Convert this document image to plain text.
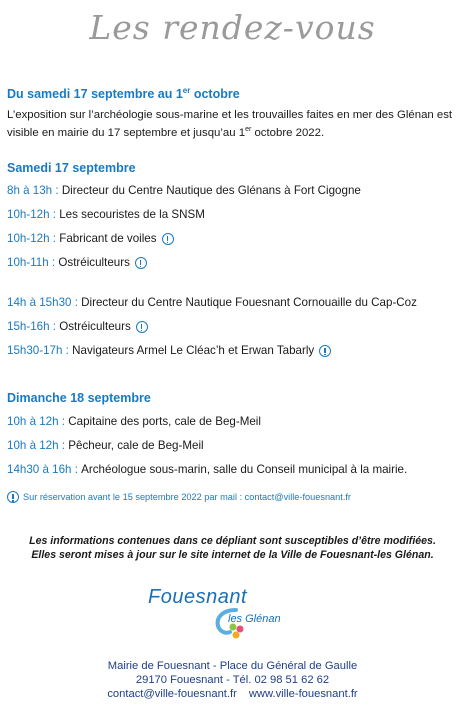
Les rendez-vous
Du samedi 17 septembre au 1er octobre
L’exposition sur l’archéologie sous-marine et les trouvailles faites en mer des Glénan est visible en mairie du 17 septembre et jusqu’au 1er octobre 2022.
Samedi 17 septembre
8h à 13h :
Directeur du Centre Nautique des Glénans à Fort Cigogne
10h-12h :
Les secouristes de la SNSM
10h-12h :
Fabricant de voiles
10h-11h :
Ostréiculteurs
14h à 15h30 :
Directeur du Centre Nautique Fouesnant Cornouaille du Cap-Coz
15h-16h :
Ostréiculteurs
15h30-17h :
Navigateurs Armel Le Cléac’h et Erwan Tabarly
Dimanche 18 septembre
10h à 12h :
Capitaine des ports, cale de Beg-Meil
10h à 12h :
Pêcheur, cale de Beg-Meil
14h30 à 16h :
Archéologue sous-marin, salle du Conseil municipal à la mairie.
Sur réservation avant le 15 septembre 2022 par mail : contact@ville-fouesnant.fr
Les informations contenues dans ce dépliant sont susceptibles d’être modifiées.
Elles seront mises à jour sur le site internet de la Ville de Fouesnant-les Glénan.
Fouesnant
les Glénan
Mairie de Fouesnant - Place du Général de Gaulle
29170 Fouesnant - Tél. 02 98 51 62 62
contact@ville-fouesnant.fr www.ville-fouesnant.fr
